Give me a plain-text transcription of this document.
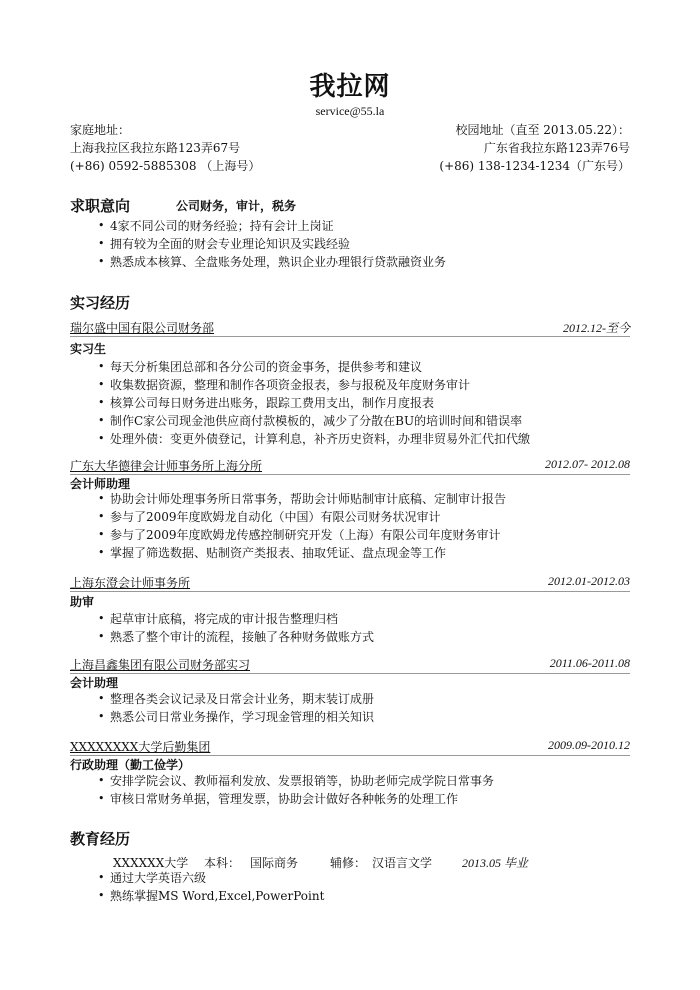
我拉网
service@55.la
家庭地址：
上海我拉区我拉东路123弄67号
(+86) 0592-5885308 （上海号）
校园地址（直至 2013.05.22）：
广东省我拉东路123弄76号
(+86) 138-1234-1234（广东号）
求职意向	公司财务，审计，税务
• 4家不同公司的财务经验；持有会计上岗证
• 拥有较为全面的财会专业理论知识及实践经验
• 熟悉成本核算、全盘账务处理，熟识企业办理银行贷款融资业务
实习经历
瑞尔盛中国有限公司财务部	2012.12-至今
实习生
• 每天分析集团总部和各分公司的资金事务，提供参考和建议
• 收集数据资源，整理和制作各项资金报表，参与报税及年度财务审计
• 核算公司每日财务进出账务，跟踪工费用支出，制作月度报表
• 制作C家公司现金池供应商付款模板的，减少了分散在BU的培训时间和错误率
• 处理外债：变更外债登记，计算利息，补齐历史资料，办理非贸易外汇代扣代缴
广东大华德律会计师事务所上海分所	2012.07- 2012.08
会计师助理
• 协助会计师处理事务所日常事务，帮助会计师贴制审计底稿、定制审计报告
• 参与了2009年度欧姆龙自动化（中国）有限公司财务状况审计
• 参与了2009年度欧姆龙传感控制研究开发（上海）有限公司年度财务审计
• 掌握了筛选数据、贴制资产类报表、抽取凭证、盘点现金等工作
上海东澄会计师事务所	2012.01-2012.03
助审
• 起草审计底稿，将完成的审计报告整理归档
• 熟悉了整个审计的流程，接触了各种财务做账方式
上海昌鑫集团有限公司财务部实习	2011.06-2011.08
会计助理
• 整理各类会议记录及日常会计业务，期末装订成册
• 熟悉公司日常业务操作，学习现金管理的相关知识
XXXXXXXX大学后勤集团	2009.09-2010.12
行政助理（勤工俭学）
• 安排学院会议、教师福利发放、发票报销等，协助老师完成学院日常事务
• 审核日常财务单据，管理发票，协助会计做好各种帐务的处理工作
教育经历
XXXXXX大学 本科： 国际商务	辅修： 汉语言文学 2013.05 毕业
• 通过大学英语六级
• 熟练掌握MS Word,Excel,PowerPoint
